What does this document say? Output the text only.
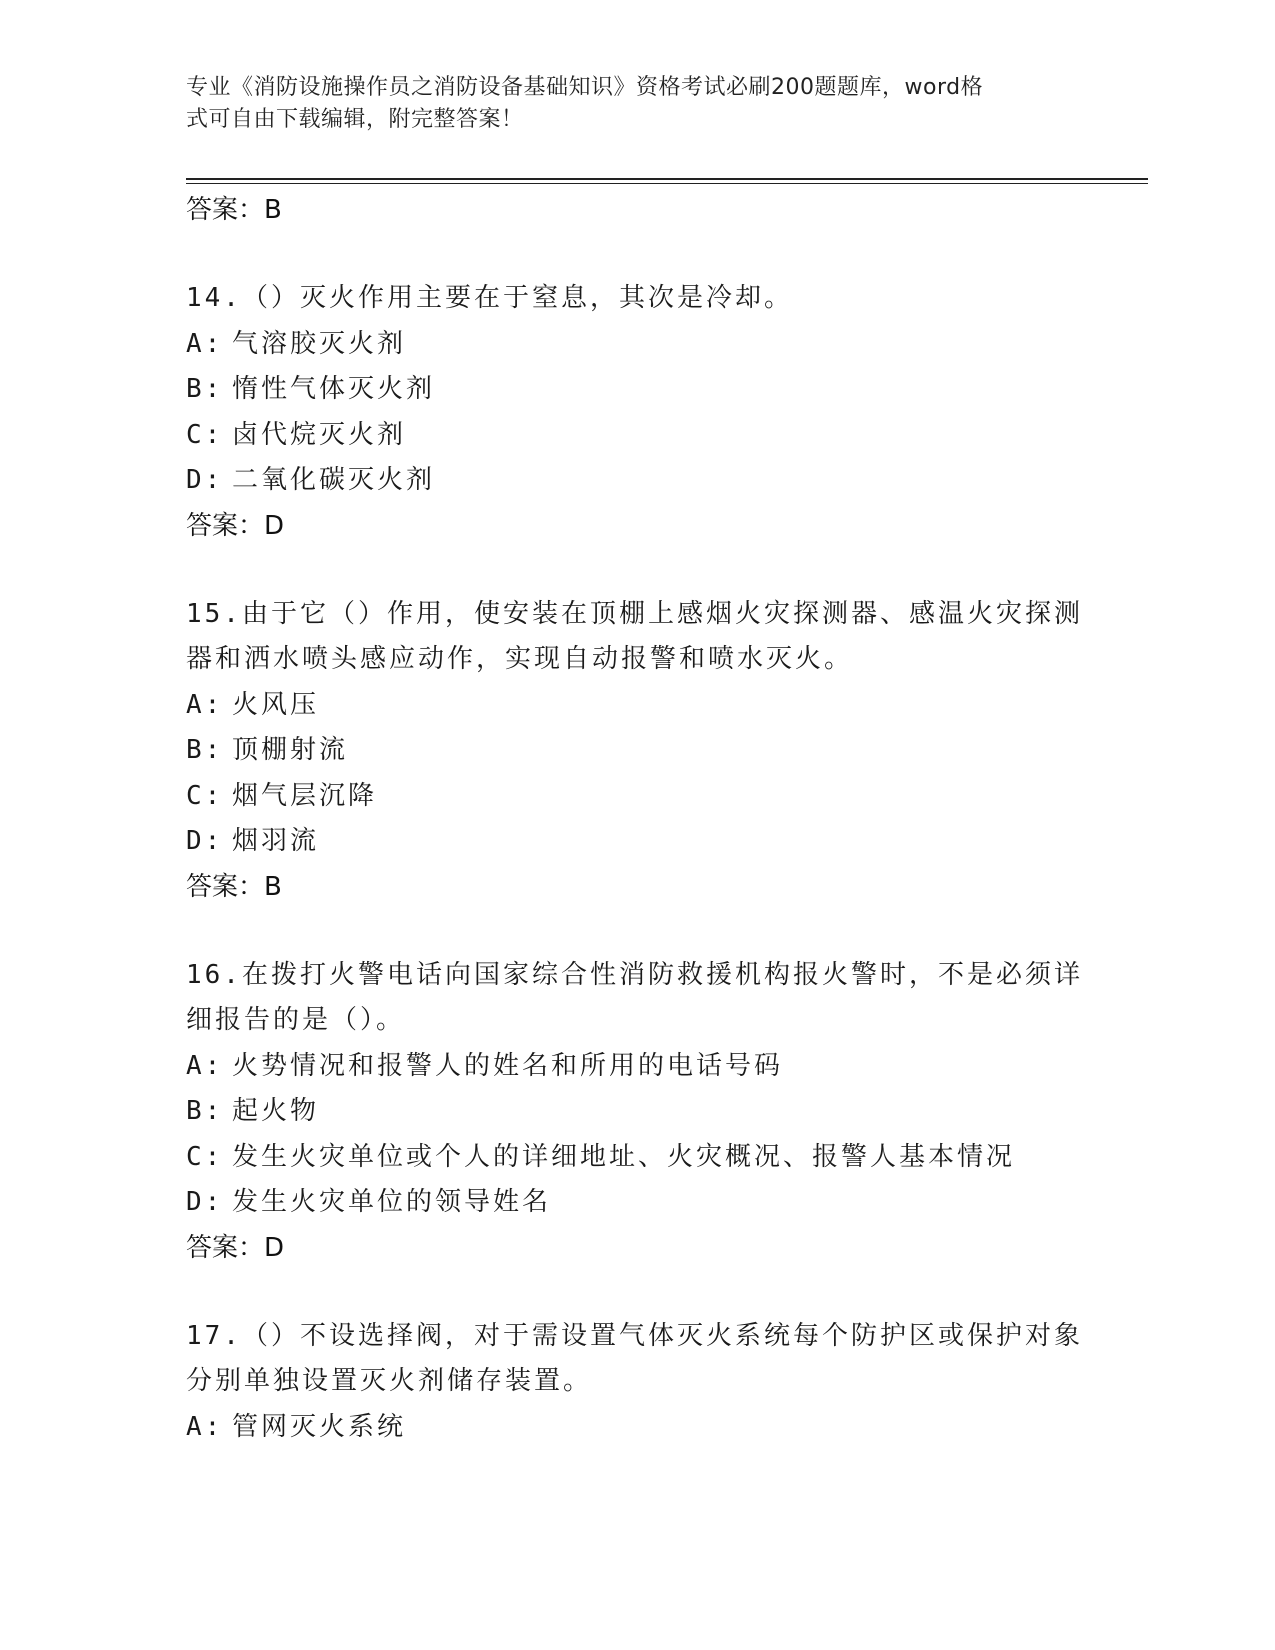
专业《消防设施操作员之消防设备基础知识》资格考试必刷200题题库，word格
式可自由下载编辑，附完整答案！
答案：B
14.（）灭火作用主要在于窒息，其次是冷却。
A: 气溶胶灭火剂
B: 惰性气体灭火剂
C: 卤代烷灭火剂
D: 二氧化碳灭火剂
答案：D
15.由于它（）作用，使安装在顶棚上感烟火灾探测器、感温火灾探测
器和洒水喷头感应动作，实现自动报警和喷水灭火。
A: 火风压
B: 顶棚射流
C: 烟气层沉降
D: 烟羽流
答案：B
16.在拨打火警电话向国家综合性消防救援机构报火警时，不是必须详
细报告的是（）。
A: 火势情况和报警人的姓名和所用的电话号码
B: 起火物
C: 发生火灾单位或个人的详细地址、火灾概况、报警人基本情况
D: 发生火灾单位的领导姓名
答案：D
17.（）不设选择阀，对于需设置气体灭火系统每个防护区或保护对象
分别单独设置灭火剂储存装置。
A: 管网灭火系统
